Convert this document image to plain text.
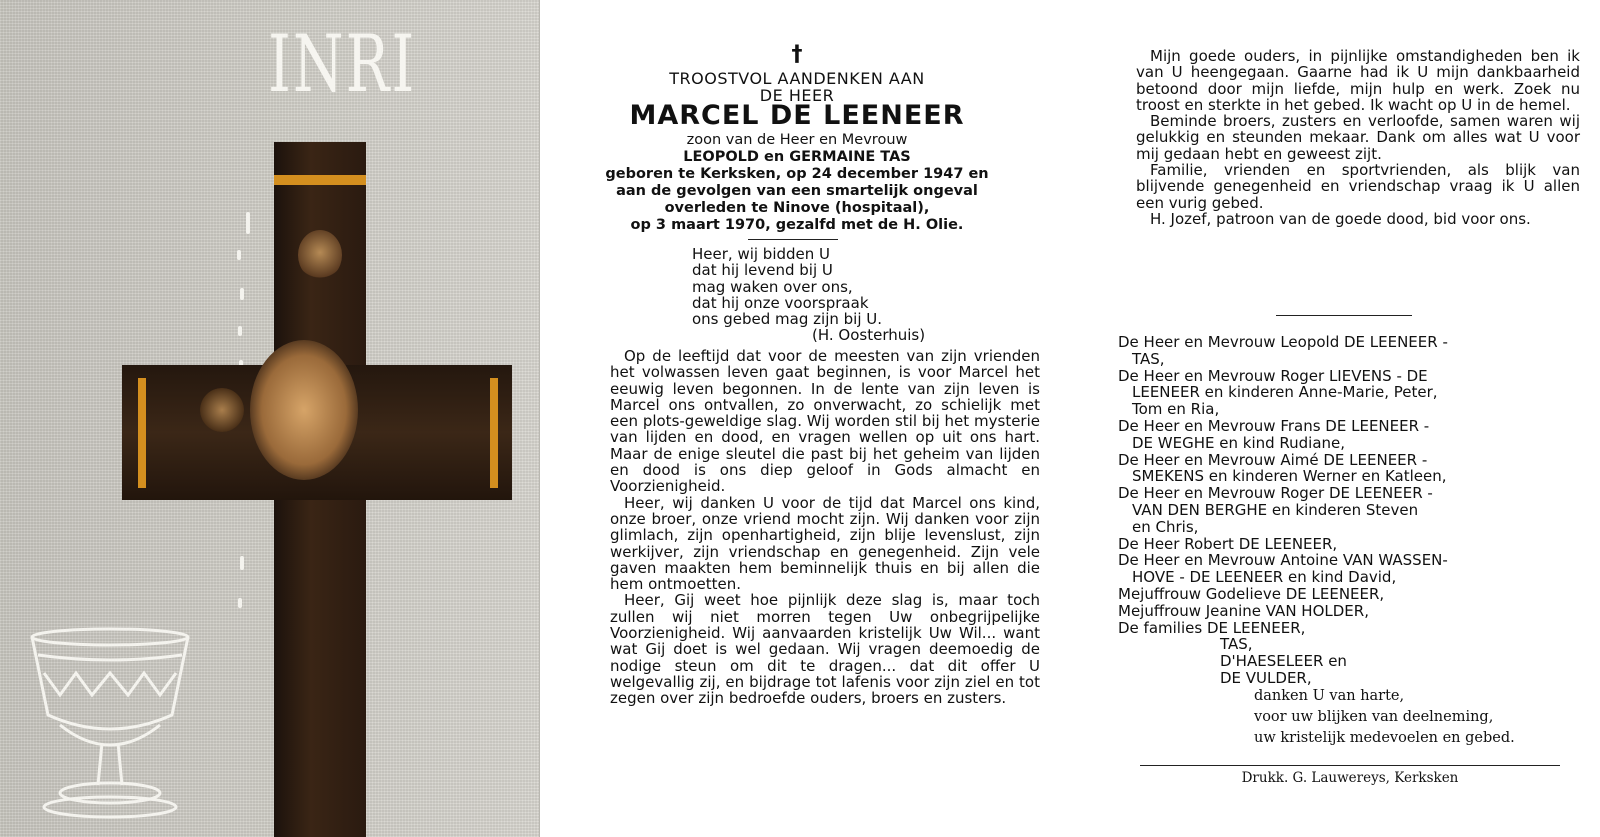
INRI	†
TROOSTVOL AANDENKEN AAN
DE HEER
MARCEL DE LEENEER
zoon van de Heer en Mevrouw
LEOPOLD en GERMAINE TAS
geboren te Kerksken, op 24 december 1947 en
aan de gevolgen van een smartelijk ongeval
overleden te Ninove (hospitaal),
op 3 maart 1970, gezalfd met de H. Olie.
Heer, wij bidden U
dat hij levend bij U
mag waken over ons,
dat hij onze voorspraak
ons gebed mag zijn bij U.
(H. Oosterhuis)

Op de leeftijd dat voor de meesten van zijn vrienden het volwassen leven gaat beginnen, is voor Marcel het eeuwig leven begonnen. In de lente van zijn leven is Marcel ons ontvallen, zo onverwacht, zo schielijk met een plots-geweldige slag. Wij worden stil bij het mysterie van lijden en dood, en vragen wellen op uit ons hart. Maar de enige sleutel die past bij het geheim van lijden en dood is ons diep geloof in Gods almacht en Voorzienigheid.

Heer, wij danken U voor de tijd dat Marcel ons kind, onze broer, onze vriend mocht zijn. Wij danken voor zijn glimlach, zijn openhartigheid, zijn blije levenslust, zijn werkijver, zijn vriendschap en genegenheid. Zijn vele gaven maakten hem beminnelijk thuis en bij allen die hem ontmoetten.

Heer, Gij weet hoe pijnlijk deze slag is, maar toch zullen wij niet morren tegen Uw onbegrijpelijke Voorzienigheid. Wij aanvaarden kristelijk Uw Wil... want wat Gij doet is wel gedaan. Wij vragen deemoedig de nodige steun om dit te dragen... dat dit offer U welgevallig zij, en bijdrage tot lafenis voor zijn ziel en tot zegen over zijn bedroefde ouders, broers en zusters.

Mijn goede ouders, in pijnlijke omstandigheden ben ik van U heengegaan. Gaarne had ik U mijn dankbaarheid betoond door mijn liefde, mijn hulp en werk. Zoek nu troost en sterkte in het gebed. Ik wacht op U in de hemel.

Beminde broers, zusters en verloofde, samen waren wij gelukkig en steunden mekaar. Dank om alles wat U voor mij gedaan hebt en geweest zijt.

Familie, vrienden en sportvrienden, als blijk van blijvende genegenheid en vriendschap vraag ik U allen een vurig gebed.

H. Jozef, patroon van de goede dood, bid voor ons.

De Heer en Mevrouw Leopold DE LEENEER -
TAS,
De Heer en Mevrouw Roger LIEVENS - DE
LEENEER en kinderen Anne-Marie, Peter,
Tom en Ria,
De Heer en Mevrouw Frans DE LEENEER -
DE WEGHE en kind Rudiane,
De Heer en Mevrouw Aimé DE LEENEER -
SMEKENS en kinderen Werner en Katleen,
De Heer en Mevrouw Roger DE LEENEER -
VAN DEN BERGHE en kinderen Steven
en Chris,
De Heer Robert DE LEENEER,
De Heer en Mevrouw Antoine VAN WASSEN-
HOVE - DE LEENEER en kind David,
Mejuffrouw Godelieve DE LEENEER,
Mejuffrouw Jeanine VAN HOLDER,
De families DE LEENEER,
TAS,
D'HAESELEER en
DE VULDER,
danken U van harte,
voor uw blijken van deelneming,
uw kristelijk medevoelen en gebed.
Drukk. G. Lauwereys, Kerksken
